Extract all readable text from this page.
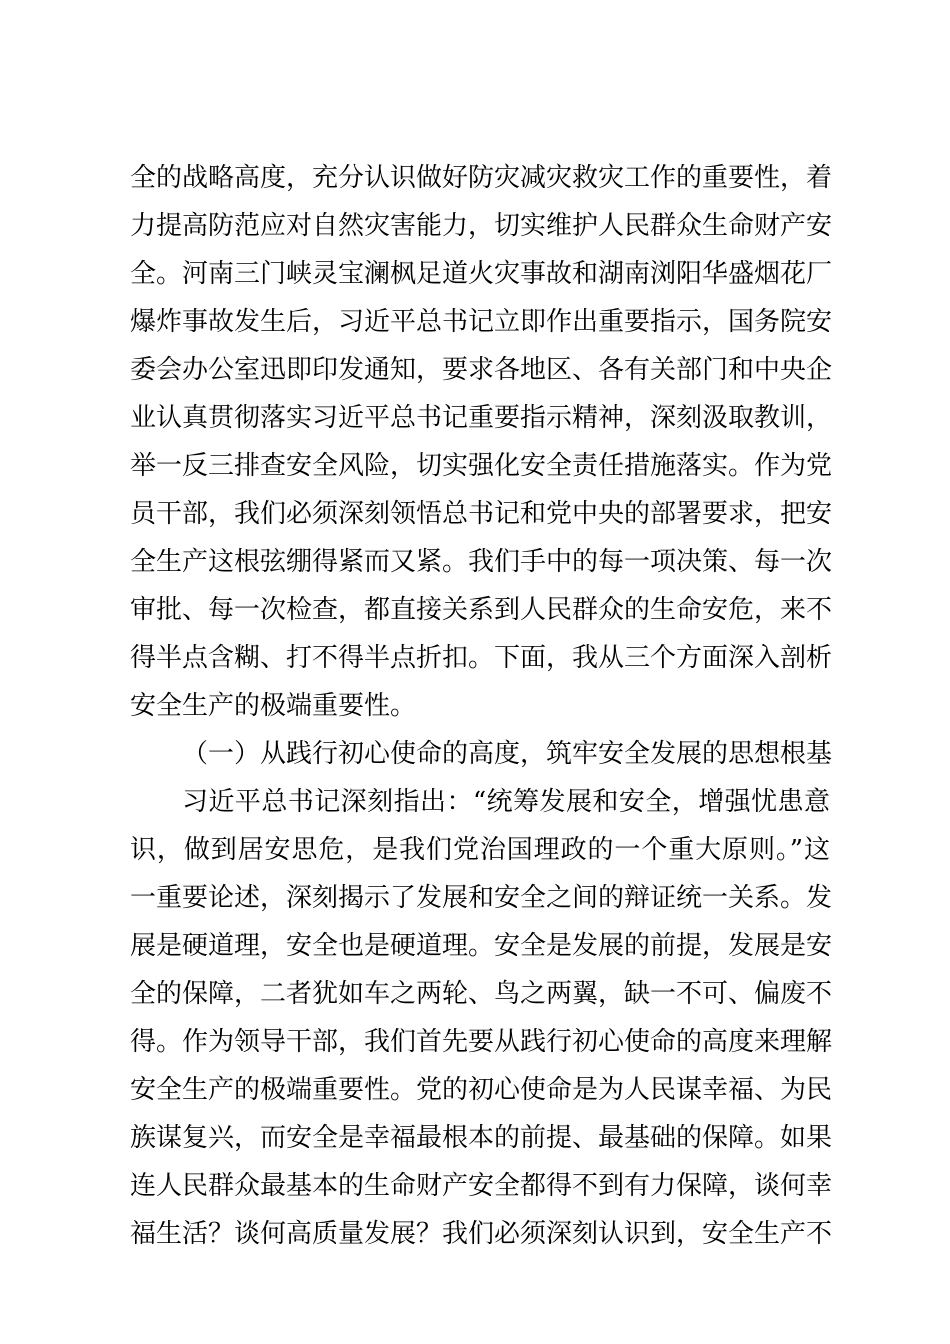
全的战略高度，充分认识做好防灾减灾救灾工作的重要性，着
力提高防范应对自然灾害能力，切实维护人民群众生命财产安
全。河南三门峡灵宝澜枫足道火灾事故和湖南浏阳华盛烟花厂
爆炸事故发生后，习近平总书记立即作出重要指示，国务院安
委会办公室迅即印发通知，要求各地区、各有关部门和中央企
业认真贯彻落实习近平总书记重要指示精神，深刻汲取教训，
举一反三排查安全风险，切实强化安全责任措施落实。作为党
员干部，我们必须深刻领悟总书记和党中央的部署要求，把安
全生产这根弦绷得紧而又紧。我们手中的每一项决策、每一次
审批、每一次检查，都直接关系到人民群众的生命安危，来不
得半点含糊、打不得半点折扣。下面，我从三个方面深入剖析
安全生产的极端重要性。
（一）从践行初心使命的高度，筑牢安全发展的思想根基
习近平总书记深刻指出：“统筹发展和安全，增强忧患意
识，做到居安思危，是我们党治国理政的一个重大原则。”这
一重要论述，深刻揭示了发展和安全之间的辩证统一关系。发
展是硬道理，安全也是硬道理。安全是发展的前提，发展是安
全的保障，二者犹如车之两轮、鸟之两翼，缺一不可、偏废不
得。作为领导干部，我们首先要从践行初心使命的高度来理解
安全生产的极端重要性。党的初心使命是为人民谋幸福、为民
族谋复兴，而安全是幸福最根本的前提、最基础的保障。如果
连人民群众最基本的生命财产安全都得不到有力保障，谈何幸
福生活？谈何高质量发展？我们必须深刻认识到，安全生产不
